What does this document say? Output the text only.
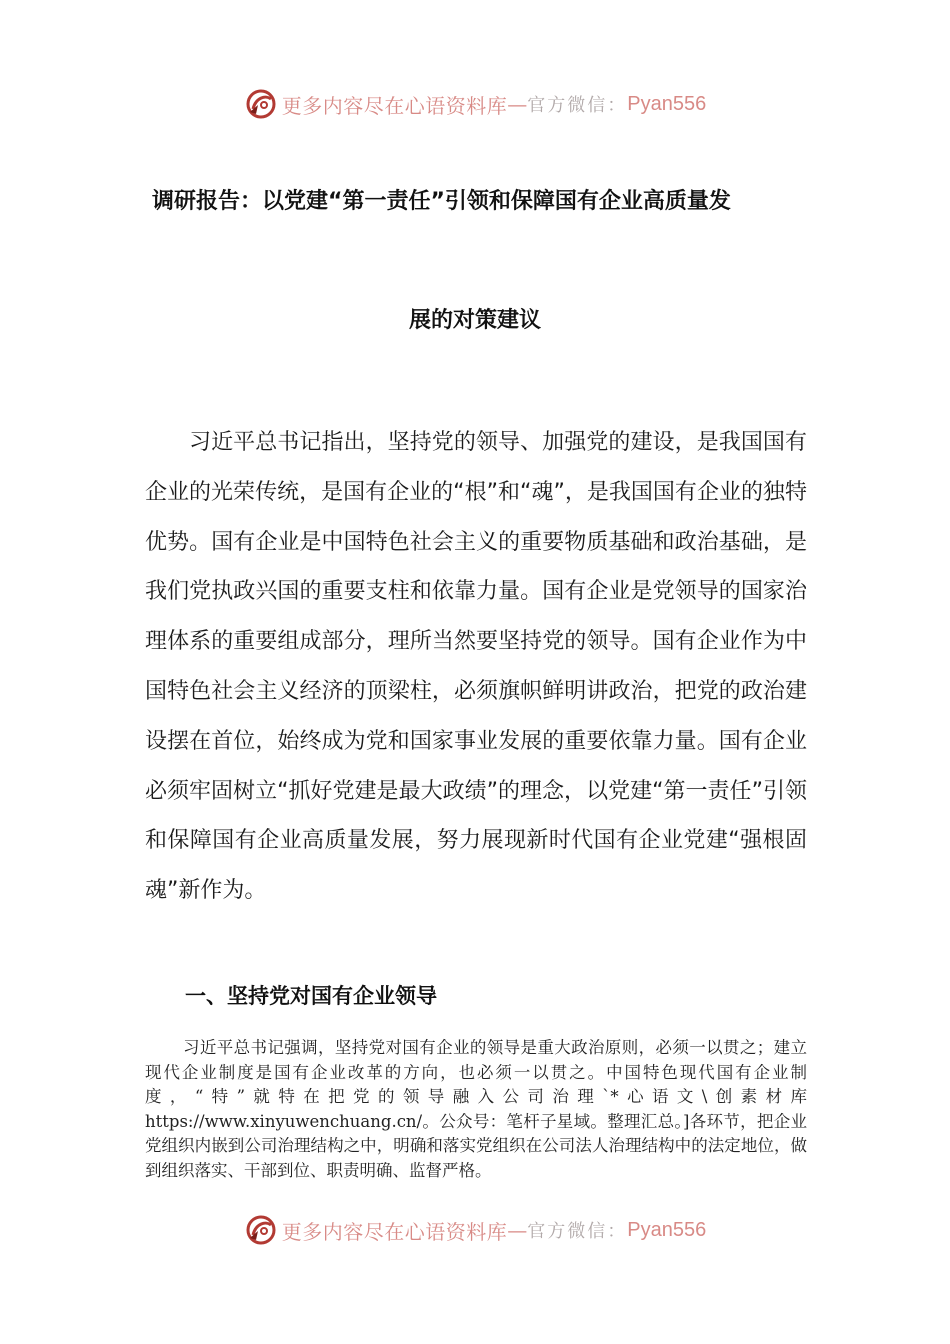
更多内容尽在心语资料库 — 官方微信： Pyan556
调研报告：以党建“第一责任”引领和保障国有企业高质量发
展的对策建议

习近平总书记指出，坚持党的领导、加强党的建设，是我国国有企业的光荣传统，是国有企业的“根”和“魂”，是我国国有企业的独特优势。国有企业是中国特色社会主义的重要物质基础和政治基础，是我们党执政兴国的重要支柱和依靠力量。国有企业是党领导的国家治理体系的重要组成部分，理所当然要坚持党的领导。国有企业作为中国特色社会主义经济的顶梁柱，必须旗帜鲜明讲政治，把党的政治建设摆在首位，始终成为党和国家事业发展的重要依靠力量。国有企业必须牢固树立“抓好党建是最大政绩”的理念，以党建“第一责任”引领和保障国有企业高质量发展，努力展现新时代国有企业党建“强根固魂”新作为。

一、坚持党对国有企业领导

习近平总书记强调，坚持党对国有企业的领导是重大政治原则，必须一以贯之；建立现代企业制度是国有企业改革的方向，也必须一以贯之。中国特色现代国有企业制度，“特”就特在把党的领导融入公司治理`*心语文\创素材库https://www.xinyuwenchuang.cn/。公众号：笔杆子星域。整理汇总。]各环节，把企业党组织内嵌到公司治理结构之中，明确和落实党组织在公司法人治理结构中的法定地位，做到组织落实、干部到位、职责明确、监督严格。

更多内容尽在心语资料库 — 官方微信： Pyan556
